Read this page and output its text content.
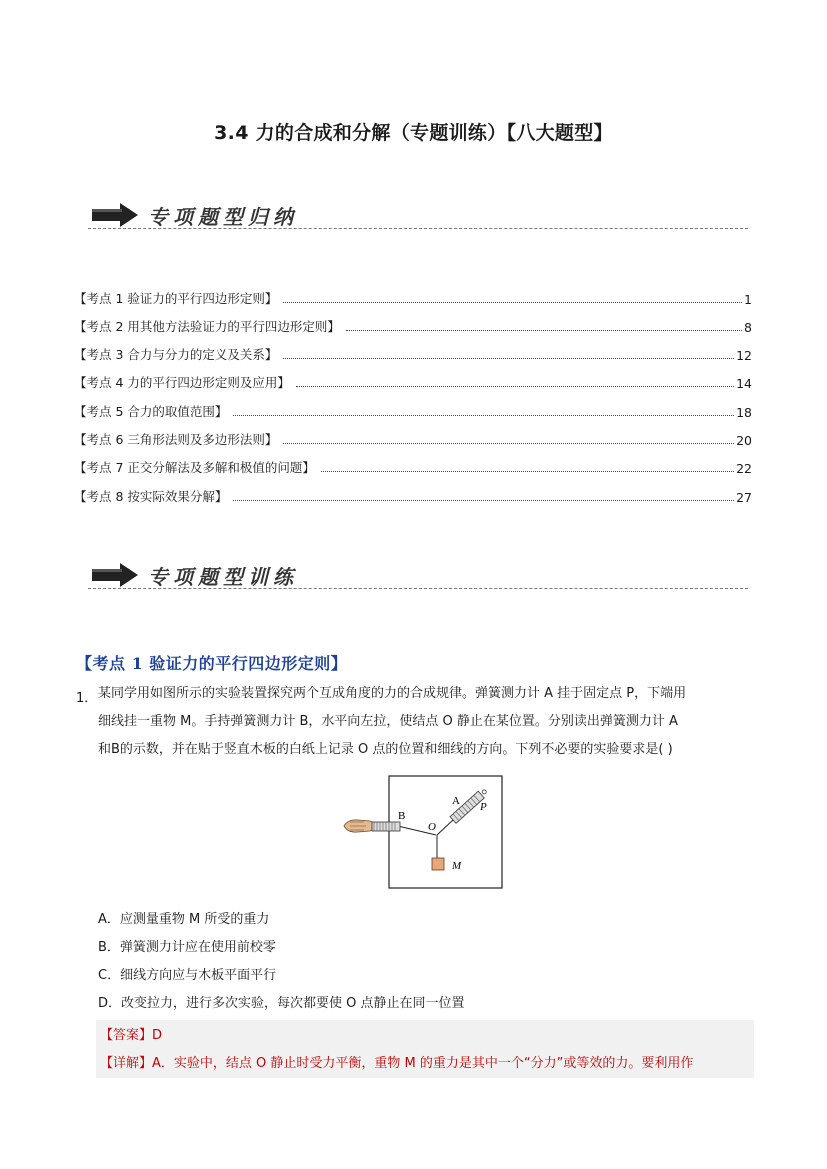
3.4 力的合成和分解（专题训练）【八大题型】
专项题型归纳
【考点 1 验证力的平行四边形定则】	1
【考点 2 用其他方法验证力的平行四边形定则】	8
【考点 3 合力与分力的定义及关系】	12
【考点 4 力的平行四边形定则及应用】	14
【考点 5 合力的取值范围】	18
【考点 6 三角形法则及多边形法则】	20
【考点 7 正交分解法及多解和极值的问题】	22
【考点 8 按实际效果分解】	27
专项题型训练
【考点 1 验证力的平行四边形定则】
1． 某同学用如图所示的实验装置探究两个互成角度的力的合成规律。弹簧测力计 A 挂于固定点 P，下端用
细线挂一重物 M。手持弹簧测力计 B，水平向左拉，使结点 O 静止在某位置。分别读出弹簧测力计 A
和B的示数，并在贴于竖直木板的白纸上记录 O 点的位置和细线的方向。下列不必要的实验要求是( )
B
O
A P
M
A．应测量重物 M 所受的重力
B．弹簧测力计应在使用前校零
C．细线方向应与木板平面平行
D．改变拉力，进行多次实验，每次都要使 O 点静止在同一位置
【答案】D
【详解】A．实验中，结点 O 静止时受力平衡，重物 M 的重力是其中一个“分力”或等效的力。要利用作
